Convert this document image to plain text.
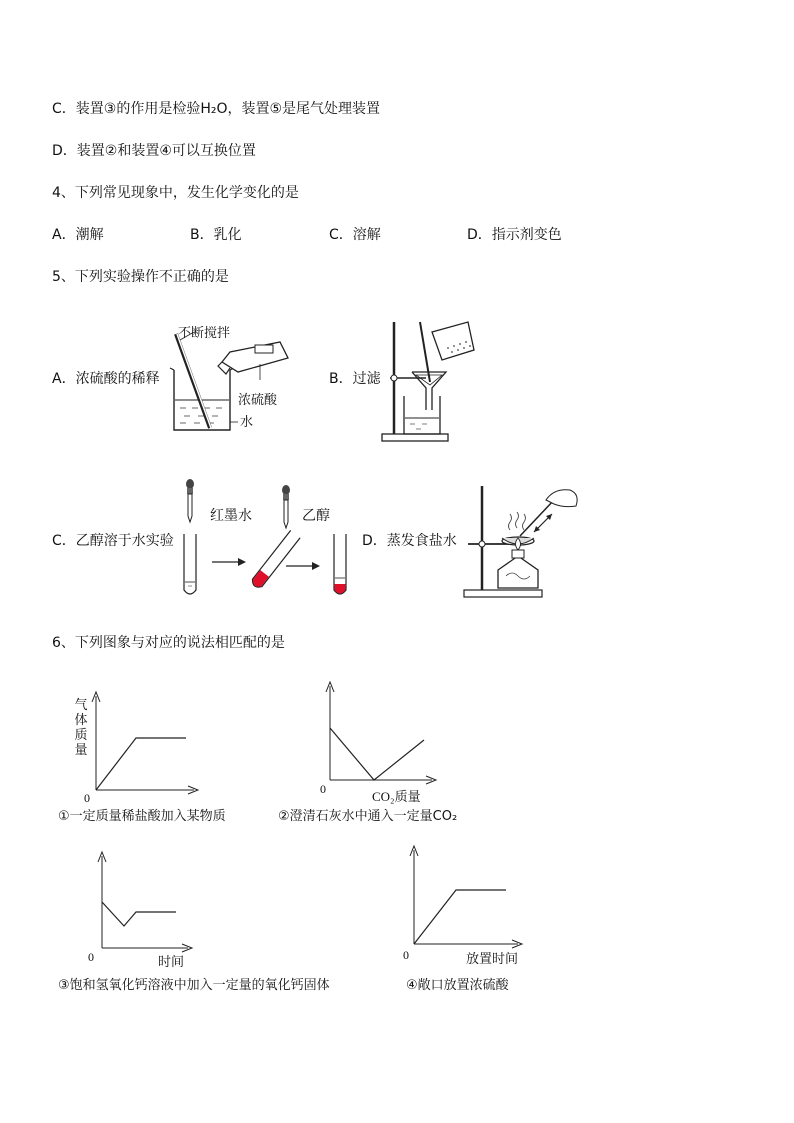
C．装置③的作用是检验H₂O，装置⑤是尾气处理装置
D．装置②和装置④可以互换位置
4、下列常见现象中，发生化学变化的是
A．潮解	B．乳化	C．溶解	D．指示剂变色
5、下列实验操作不正确的是
A．浓硫酸的稀释
不断搅拌
浓硫酸
水
B．过滤
C．乙醇溶于水实验
红墨水	乙醇
D．蒸发食盐水
6、下列图象与对应的说法相匹配的是
气
体
质
量
0
①一定质量稀盐酸加入某物质
0	CO₂质量
②澄清石灰水中通入一定量CO₂
0	时间
③饱和氢氧化钙溶液中加入一定量的氧化钙固体
0	放置时间
④敞口放置浓硫酸
